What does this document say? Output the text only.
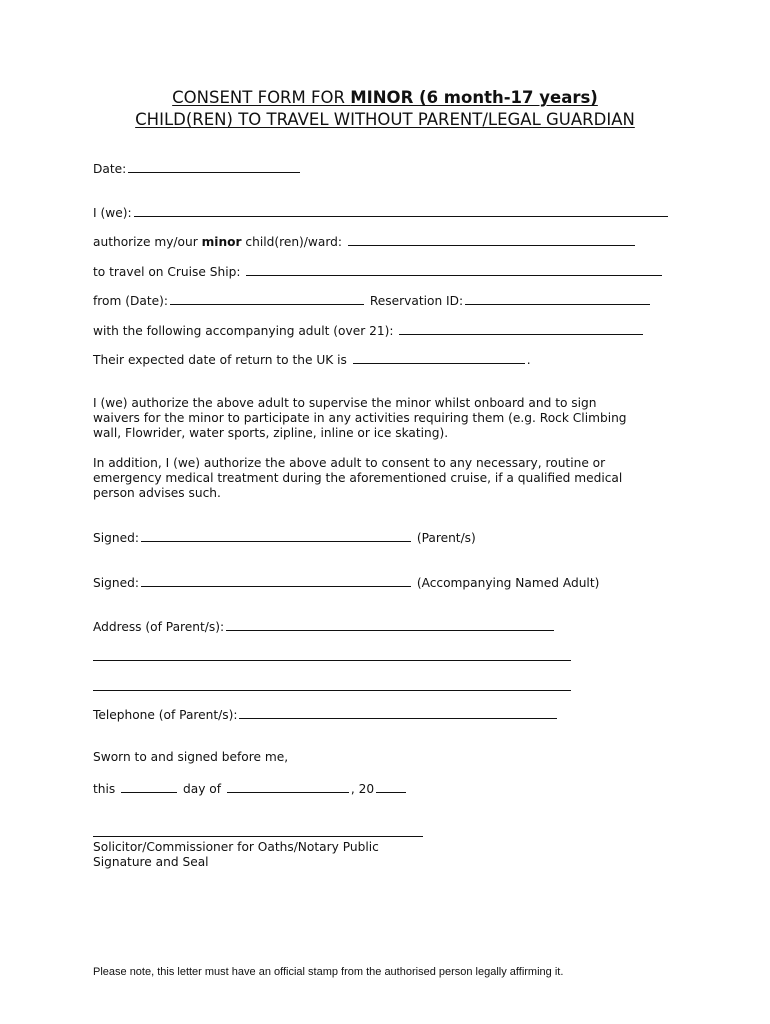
CONSENT FORM FOR MINOR (6 month-17 years)
CHILD(REN) TO TRAVEL WITHOUT PARENT/LEGAL GUARDIAN
Date:
I (we):
authorize my/our minor child(ren)/ward:
to travel on Cruise Ship:
from (Date):	Reservation ID:
with the following accompanying adult (over 21):
Their expected date of return to the UK is	.
I (we) authorize the above adult to supervise the minor whilst onboard and to sign
waivers for the minor to participate in any activities requiring them (e.g. Rock Climbing
wall, Flowrider, water sports, zipline, inline or ice skating).
In addition, I (we) authorize the above adult to consent to any necessary, routine or
emergency medical treatment during the aforementioned cruise, if a qualified medical
person advises such.
Signed:	(Parent/s)
Signed:	(Accompanying Named Adult)
Address (of Parent/s):
Telephone (of Parent/s):
Sworn to and signed before me,
this	day of	, 20
Solicitor/Commissioner for Oaths/Notary Public
Signature and Seal
Please note, this letter must have an official stamp from the authorised person legally affirming it.
